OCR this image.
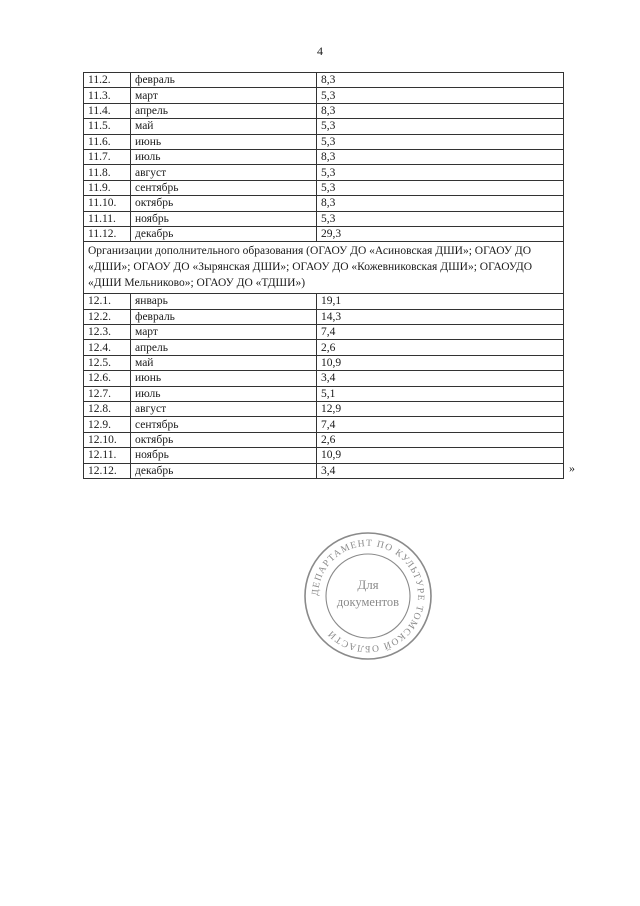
4
11.2.	февраль	8,3
11.3.	март	5,3
11.4.	апрель	8,3
11.5.	май	5,3
11.6.	июнь	5,3
11.7.	июль	8,3
11.8.	август	5,3
11.9.	сентябрь	5,3
11.10.	октябрь	8,3
11.11.	ноябрь	5,3
11.12.	декабрь	29,3
Организации дополнительного образования (ОГАОУ ДО «Асиновская ДШИ»; ОГАОУ ДО «ДШИ»; ОГАОУ ДО «Зырянская ДШИ»; ОГАОУ ДО «Кожевниковская ДШИ»; ОГАОУДО «ДШИ Мельниково»; ОГАОУ ДО «ТДШИ»)		
12.1.	январь	19,1
12.2.	февраль	14,3
12.3.	март	7,4
12.4.	апрель	2,6
12.5.	май	10,9
12.6.	июнь	3,4
12.7.	июль	5,1
12.8.	август	12,9
12.9.	сентябрь	7,4
12.10.	октябрь	2,6
12.11.	ноябрь	10,9
12.12.	декабрь	3,4	»
ДЕПАРТАМЕНТ ПО КУЛЬТУРЕ ТОМСКОЙ ОБЛАСТИ
Для
документов
